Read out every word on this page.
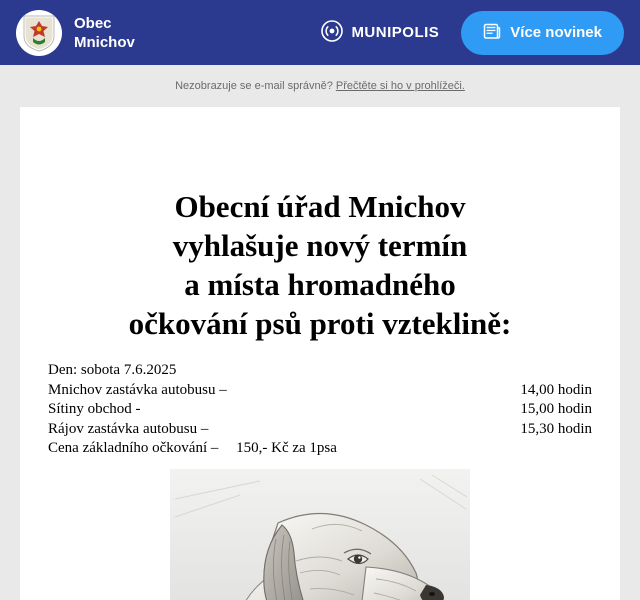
Obec
Mnichov
MUNIPOLIS	Více novinek
Nezobrazuje se e-mail správně? Přečtěte si ho v prohlížeči.
Obecní úřad Mnichov
vyhlašuje nový termín
a místa hromadného
očkování psů proti vzteklině:
Den: sobota 7.6.2025
Mnichov zastávka autobusu –	14,00 hodin
Sítiny obchod -	15,00 hodin
Rájov zastávka autobusu –	15,30 hodin
Cena základního očkování – 150,- Kč za 1psa
